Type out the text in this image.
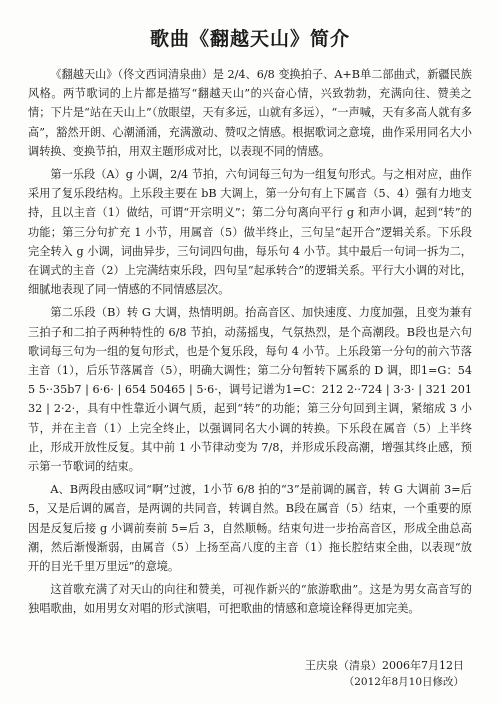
歌曲《翻越天山》简介

《翻越天山》（佟文西词清泉曲）是 2/4、6/8 变换拍子、A+B单二部曲式，新疆民族风格。两节歌词的上片都是描写“翻越天山”的兴奋心情，兴致勃勃，充满向往、赞美之情；下片是“站在天山上”（放眼望，天有多远，山就有多远），“一声喊，天有多高人就有多高”，豁然开朗、心潮涌涌，充满激动、赞叹之情感。根据歌词之意境，曲作采用同名大小调转换、变换节拍，用双主题形成对比，以表现不同的情感。

第一乐段（A）g 小调，2/4 节拍，六句词每三句为一组复句形式。与之相对应，曲作采用了复乐段结构。上乐段主要在 bB 大调上，第一分句有上下属音（5、4）强有力地支持，且以主音（1）做结，可谓“开宗明义”；第二分句离向平行 g 和声小调，起到“转”的功能；第三分句扩充 1 小节，用属音（5）做半终止，三句呈“起开合”逻辑关系。下乐段完全转入 g 小调，词曲异步，三句词四句曲，每乐句 4 小节。其中最后一句词一拆为二，在调式的主音（2）上完满结束乐段，四句呈“起承转合”的逻辑关系。平行大小调的对比，细腻地表现了同一情感的不同情感层次。

第二乐段（B）转 G 大调，热情明朗。抬高音区、加快速度、力度加强，且变为兼有三拍子和二拍子两种特性的 6/8 节拍，动荡摇曳，气氛热烈，是个高潮段。B段也是六句歌词每三句为一组的复句形式，也是个复乐段，每句 4 小节。上乐段第一分句的前六节落主音（1），后乐节落属音（5），明确大调性；第二分句暂转下属系的 D 调，即1=G：545 5··35b7 | 6·6· | 654 50465 | 5·6·，调号记谱为1=C：212 2··724 | 3·3· | 321 20132 | 2·2·，具有中性靠近小调气质，起到“转”的功能；第三分句回到主调，紧缩成 3 小节，并在主音（1）上完全终止，以强调同名大小调的转换。下乐段在属音（5）上半终止，形成开放性反复。其中前 1 小节律动变为 7/8，并形成乐段高潮，增强其终止感，预示第一节歌词的结束。

A、B两段由感叹词“啊”过渡，1小节 6/8 拍的“3”是前调的属音，转 G 大调前 3=后 5，又是后调的属音，是两调的共同音，转调自然。B段在属音（5）结束，一个重要的原因是反复后接 g 小调前奏前 5=后 3，自然顺畅。结束句进一步抬高音区，形成全曲总高潮，然后渐慢渐弱，由属音（5）上扬至高八度的主音（1）拖长腔结束全曲，以表现“放开的目光千里万里远”的意境。

这首歌充满了对天山的向往和赞美，可视作新兴的“旅游歌曲”。这是为男女高音写的独唱歌曲，如用男女对唱的形式演唱，可把歌曲的情感和意境诠释得更加完美。

王庆泉（清泉）2006年7月12日
（2012年8月10日修改）
